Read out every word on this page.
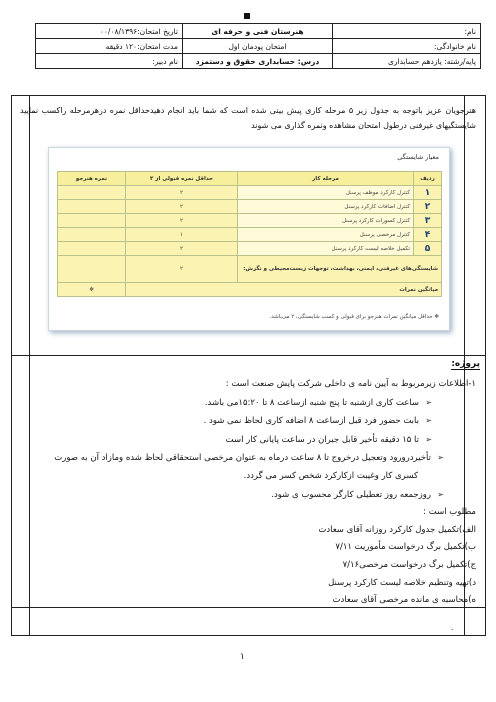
نام:	هنرستان فنی و حرفه ای	تاریخ امتحان:۰۰/۰۸/۱۳۹۶
نام خانوادگی:	امتحان پودمان اول	مدت امتحان:۱۲۰ دقیقه
پایه/رشته: یازدهم حسابداری	درس: حسابداری حقوق و دستمزد	نام دبیر:
هنرجویان عزیز باتوجه به جدول زیر ۵ مرحله کاری پیش بینی شده است که شما باید انجام دهیدحداقل نمره درهرمرحله راکسب نمایید شایستگیهای غیرفنی درطول امتحان مشاهده ونمره گذاری می شوند
معیار شایستگی
ردیف	مرحله کار	حداقل نمره قبولی از ۳	نمره هنرجو
۱	کنترل کارکرد موظف پرسنل	۲	
۲	کنترل اضافات کارکرد پرسنل	۲	
۳	کنترل کسورات کارکرد پرسنل	۲	
۴	کنترل مرخصی پرسنل	۱	
۵	تکمیل خلاصه لیست کارکرد پرسنل	۲	
شایستگی‌های غیرفنی، ایمنی، بهداشت، توجهات زیست‌محیطی و نگرش:		۲	
میانگین نمرات			✻
✻ حداقل میانگین نمرات هنرجو برای قبولی و کسب شایستگی، ۲ می‌باشد.
پروژه:
۱-اطلاعات زیرمربوط به آیین نامه ی داخلی شرکت پایش صنعت است :
➢ساعت کاری ازشنبه تا پنج شنبه ازساعت ۸ تا ۱۵:۲۰می باشد.
➢بابت حضور فرد قبل ازساعت ۸ اضافه کاری لحاظ نمی شود .
➢تا ۱۵ دقیقه تأخیر قابل جبران در ساعت پایانی کار است
➢تأخیردرورود وتعجیل درخروج تا ۸ ساعت درماه به عنوان مرخصی استحقاقی لحاظ شده ومازاد آن به صورت
کسری کار وغیبت ازکارکرد شخص کسر می گردد.
➢روزجمعه روز تعطیلی کارگر محسوب ی شود.
مطلوب است :
الف)تکمیل جدول کارکرد روزانه آقای سعادت
ب)تکمیل برگ درخواست مأموریت ۷/۱۱
ج)تکمیل برگ درخواست مرخصی۷/۱۶
د)تهیه وتنظیم خلاصه لیست کارکرد پرسنل
ه)محاسبه ی مانده مرخصی آقای سعادت
۰
۱
